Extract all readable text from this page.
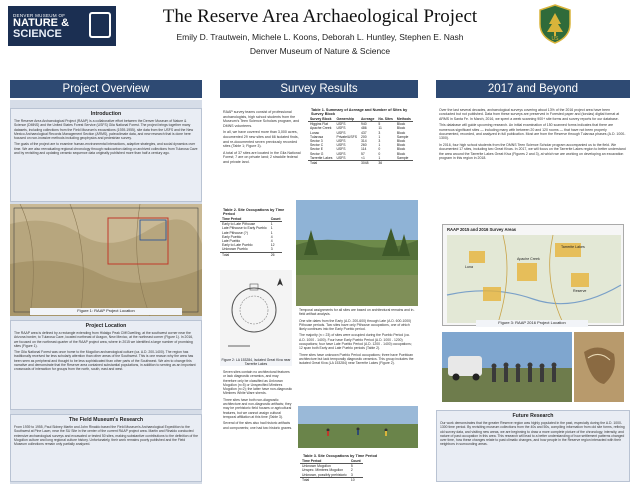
DENVER MUSEUM OF
NATURE &
SCIENCE
The Reserve Area Archaeological Project
Emily D. Trautwein, Michele L. Koons, Deborah L. Huntley, Stephen E. Nash
Denver Museum of Nature & Science
US
Project Overview	Survey Results	2017 and Beyond
Introduction

The Reserve Area Archaeological Project (RAAP) is a collaborative effort between the Denver Museum of Nature & Science (DMNS) and the United States Forest Service (USFS) Gila National Forest. The project brings together many datasets, including collections from the Field Museum's excavations (1939-1955), site data from the USFS and the New Mexico Archaeological Records Management Section (ARMS), paleoclimate data, and new research that is done here focused on non-invasive methods including geophysics and pedestrian survey.

The goals of the project are to examine human-environmental interactions, adaptive strategies, and social dynamics over time. We are also reevaluating regional chronology through radiocarbon dating on archived collections from Tularosa Cave and by revisiting and updating ceramic sequence data originally published more than half a century ago.

Figure 1: RAAP Project Location
Project Location

The RAAP area is defined by a rectangle extending from Hidalgo Peak Cliff Dwelling, at the southwest corner near the Arizona border, to Tularosa Cave, located northeast of Aragon, New Mexico, at the northeast corner (Figure 1). In 2016, we focused on the northeast quarter of the RAAP project area, where in 2015 we identified a large number of promising sites (Figure 1).

The Gila National Forest was once home to the Mogollon archaeological culture (ca. A.D. 200-1400). The region has traditionally received far less scholarly attention than other areas of the Southwest. This is one reason why the area has been seen as peripheral and thought to be less sophisticated than other parts of the Southwest. We aim to change this narrative and demonstrate that the Reserve area contained substantial populations, in addition to serving as an important crossroads of interaction for groups from the north, south, east and west.

The Field Museum's Research

From 1939 to 1955, Paul Sidney Martin and John Rinaldo based the Field Museum's Archaeological Expedition to the Southwest at Pine Lawn, near the SU Site in the center of the current RAAP project area. Martin and Rinaldo conducted extensive archaeological surveys and excavated or tested 50 sites, making substantive contributions to the definition of the Mogollon culture and long regional culture history. Unfortunately, their work remains poorly published and the Field Museum collections remain only partially analyzed.

RAAP survey teams consist of professional archaeologists, high school students from the Museum's Teen Science Scholars program, and DMNS volunteers.

In all, we have covered more than 3,000 acres, documented 29 new sites and 66 isolated finds, and re-documented seven previously recorded sites (Table 1; Figure 3).

A total of 37 sites are located in the Gila National Forest; 7 are on private land; 2 straddle federal and private land.

Table 1. Summary of Acreage and Number of Sites by Survey Block
Survey Block	Ownership	Acreage	No. Sites	Methods
Higgins Flat	USFS	940	5	Block
Apache Creek	USFS	486	11	Block
Lunac	USFS	437	3	Block
Tularosa	Private/USFS	200	1	Sample
Sector 3	USFS	314	3	Block
Sector C	USFS	260	1	Block
Sector E	USFS	114	0	Block
Sector G	USFS	57	0	Block
Tarrerite Lakes	USFS	<1	1	Sample
Total		3048	36	
Table 2. Site Occupations by Time Period
Time Period	Count
Early to Late Pithouse	1
Late Pithouse to Early Pueblo	1
Late Pithouse (?)	1
Early Pueblo	4
Late Pueblo	4
Early to Late Pueblo	12
Unknown Pueblo	3
Total	26
Figure 2: LA 153284, Isolated Great Kiva near Tarrerite Lakes

Seven sites contain no architectural features or lack diagnostic ceramics, and may therefore only be classified as Unknown Mogollon (n=5) or Unspecified Mimbres Mogollon (n=2); the latter have non-diagnostic Mimbres White Ware sherds.

Three sites have both non-diagnostic architecture and non-diagnostic artifacts; they may be prehistoric field houses or agricultural features, but we cannot assign cultural temporal affiliation at this time (Table 3).

Several of the sites also had historic artifacts and components; one had two historic graves.

Temporal assignments for all sites are based on architectural remains and in-field artifact analysis.

One site dates from the Early (A.D. 200-600) through Late (A.D. 600-1000) Pithouse periods. Two sites have only Pithouse occupations, one of which likely continues into the Early Pueblo period.

The majority (n = 23) of sites were occupied during the Pueblo Period (ca. A.D. 1000 - 1400). Four have Early Pueblo Period (A.D. 1000 - 1200) occupations; four have Late Pueblo Period (A.D. 1200 - 1400) occupations; 12 span both Early and Late Pueblo periods (Table 2).

Three sites have unknown Pueblo Period occupations; three have Puebloan architecture but lack temporally diagnostic ceramics. This group includes the isolated Great Kiva (LA 153284) near Tarrerite Lakes (Figure 2).

Table 3. Site Occupations by Time Period
Time Period	Count
Unknown Mogollon	5
Unspec. Mimbres Mogollon	2
Unknown, possibly prehistoric	3
Total	10

Over the last several decades, archaeological surveys covering about 13% of the 2016 project area have been conducted but not published. Data from these surveys are preserved in Forested paper and (tondas) digital format at ARMS in Santa Fe. In March, 2016, we spent a week scanning 900+ site forms and survey reports for our database.

This database will guide upcoming research. An initial examination of 150 scanned forms indicates that there are numerous significant sites — including many with between 20 and 120 rooms — that have not been properly documented, recorded, and analyzed in full publication. Most are from the Reserve through Tularosa phases (A.D. 1000-1300).

In 2016, four high school students from the DMNS Teen Science Scholar program accompanied us to the field. We documented 17 sites, including two Great Kivas. In 2017, we will focus on the Tarrerite Lakes region to better understand the area around the Tarrerite Lakes Great Kiva (Figures 2 and 3), at which we are working on developing an excavation program in this region in 2018.

RAAP 2015 and 2016 Survey Areas
Tarrerite Lakes
Apache Creek
Reserve
Luna
Figure 3: RAAP 2016 Project Location
Future Research

Our work demonstrates that the greater Reserve region was highly populated in the past, especially during the A.D. 1000-1300 time period. By revisiting museum collections from the 40s and 50s, compiling information from old site forms, refining old survey data, and visiting new areas, we are beginning to draw a more complete picture of the chronology, intensity, and nature of past occupation in this area. This research will lead to a better understanding of how settlement patterns changed over time, how these changes relate to past climatic changes, and how people in the Reserve region interacted with their neighbors in surrounding areas.
